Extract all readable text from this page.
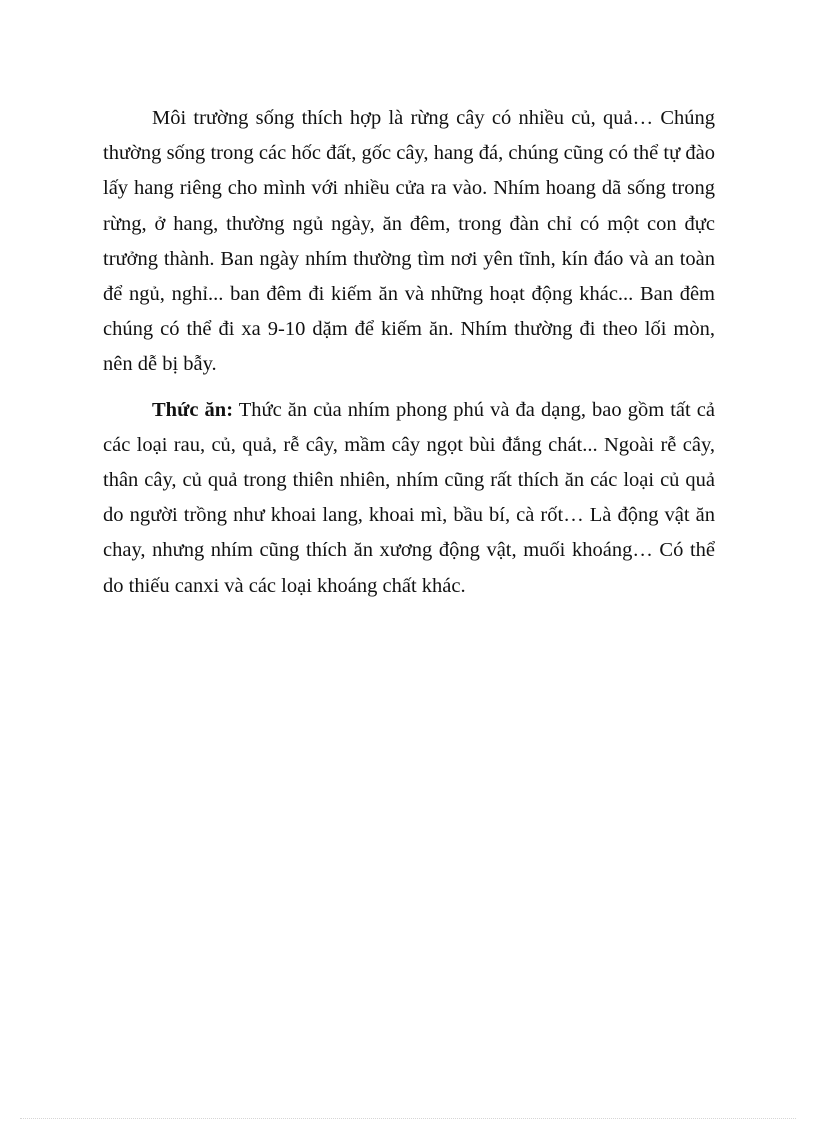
Môi trường sống thích hợp là rừng cây có nhiều củ, quả… Chúng thường sống trong các hốc đất, gốc cây, hang đá, chúng cũng có thể tự đào lấy hang riêng cho mình với nhiều cửa ra vào. Nhím hoang dã sống trong rừng, ở hang, thường ngủ ngày, ăn đêm, trong đàn chỉ có một con đực trưởng thành. Ban ngày nhím thường tìm nơi yên tĩnh, kín đáo và an toàn để ngủ, nghỉ... ban đêm đi kiếm ăn và những hoạt động khác... Ban đêm chúng có thể đi xa 9-10 dặm để kiếm ăn. Nhím thường đi theo lối mòn, nên dễ bị bẫy.

Thức ăn: Thức ăn của nhím phong phú và đa dạng, bao gồm tất cả các loại rau, củ, quả, rễ cây, mầm cây ngọt bùi đắng chát... Ngoài rễ cây, thân cây, củ quả trong thiên nhiên, nhím cũng rất thích ăn các loại củ quả do người trồng như khoai lang, khoai mì, bầu bí, cà rốt… Là động vật ăn chay, nhưng nhím cũng thích ăn xương động vật, muối khoáng… Có thể do thiếu canxi và các loại khoáng chất khác.
